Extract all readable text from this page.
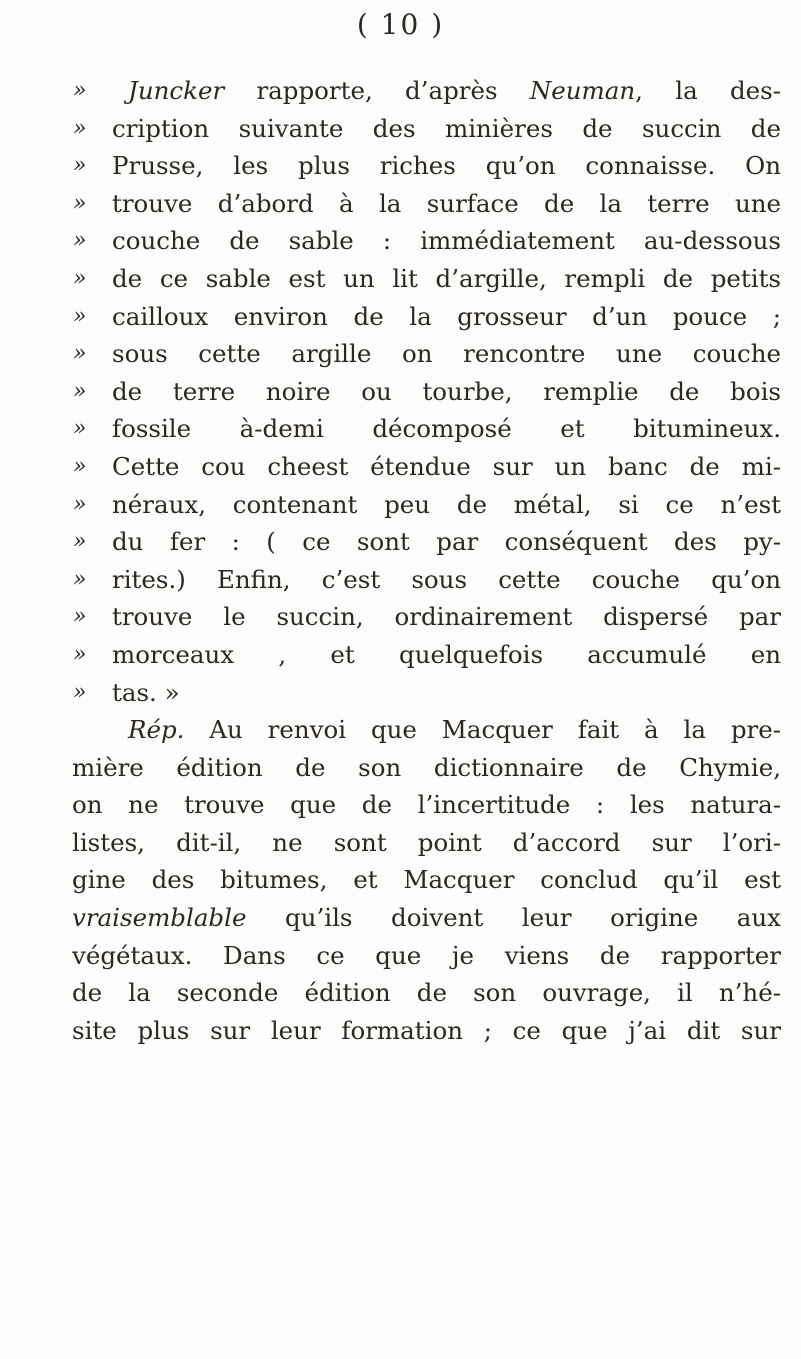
( 10 )
» Juncker rapporte, d’après Neuman, la des-
» cription suivante des minières de succin de
» Prusse, les plus riches qu’on connaisse. On
» trouve d’abord à la surface de la terre une
» couche de sable : immédiatement au-dessous
» de ce sable est un lit d’argille, rempli de petits
» cailloux environ de la grosseur d’un pouce ;
» sous cette argille on rencontre une couche
» de terre noire ou tourbe, remplie de bois
» fossile à-demi décomposé et bitumineux.
» Cette cou cheest étendue sur un banc de mi-
» néraux, contenant peu de métal, si ce n’est
» du fer : ( ce sont par conséquent des py-
» rites.) Enfin, c’est sous cette couche qu’on
» trouve le succin, ordinairement dispersé par
» morceaux , et quelquefois accumulé en
» tas. »
Rép. Au renvoi que Macquer fait à la pre-
mière édition de son dictionnaire de Chymie,
on ne trouve que de l’incertitude : les natura-
listes, dit-il, ne sont point d’accord sur l’ori-
gine des bitumes, et Macquer conclud qu’il est
vraisemblable qu’ils doivent leur origine aux
végétaux. Dans ce que je viens de rapporter
de la seconde édition de son ouvrage, il n’hé-
site plus sur leur formation ; ce que j’ai dit sur
